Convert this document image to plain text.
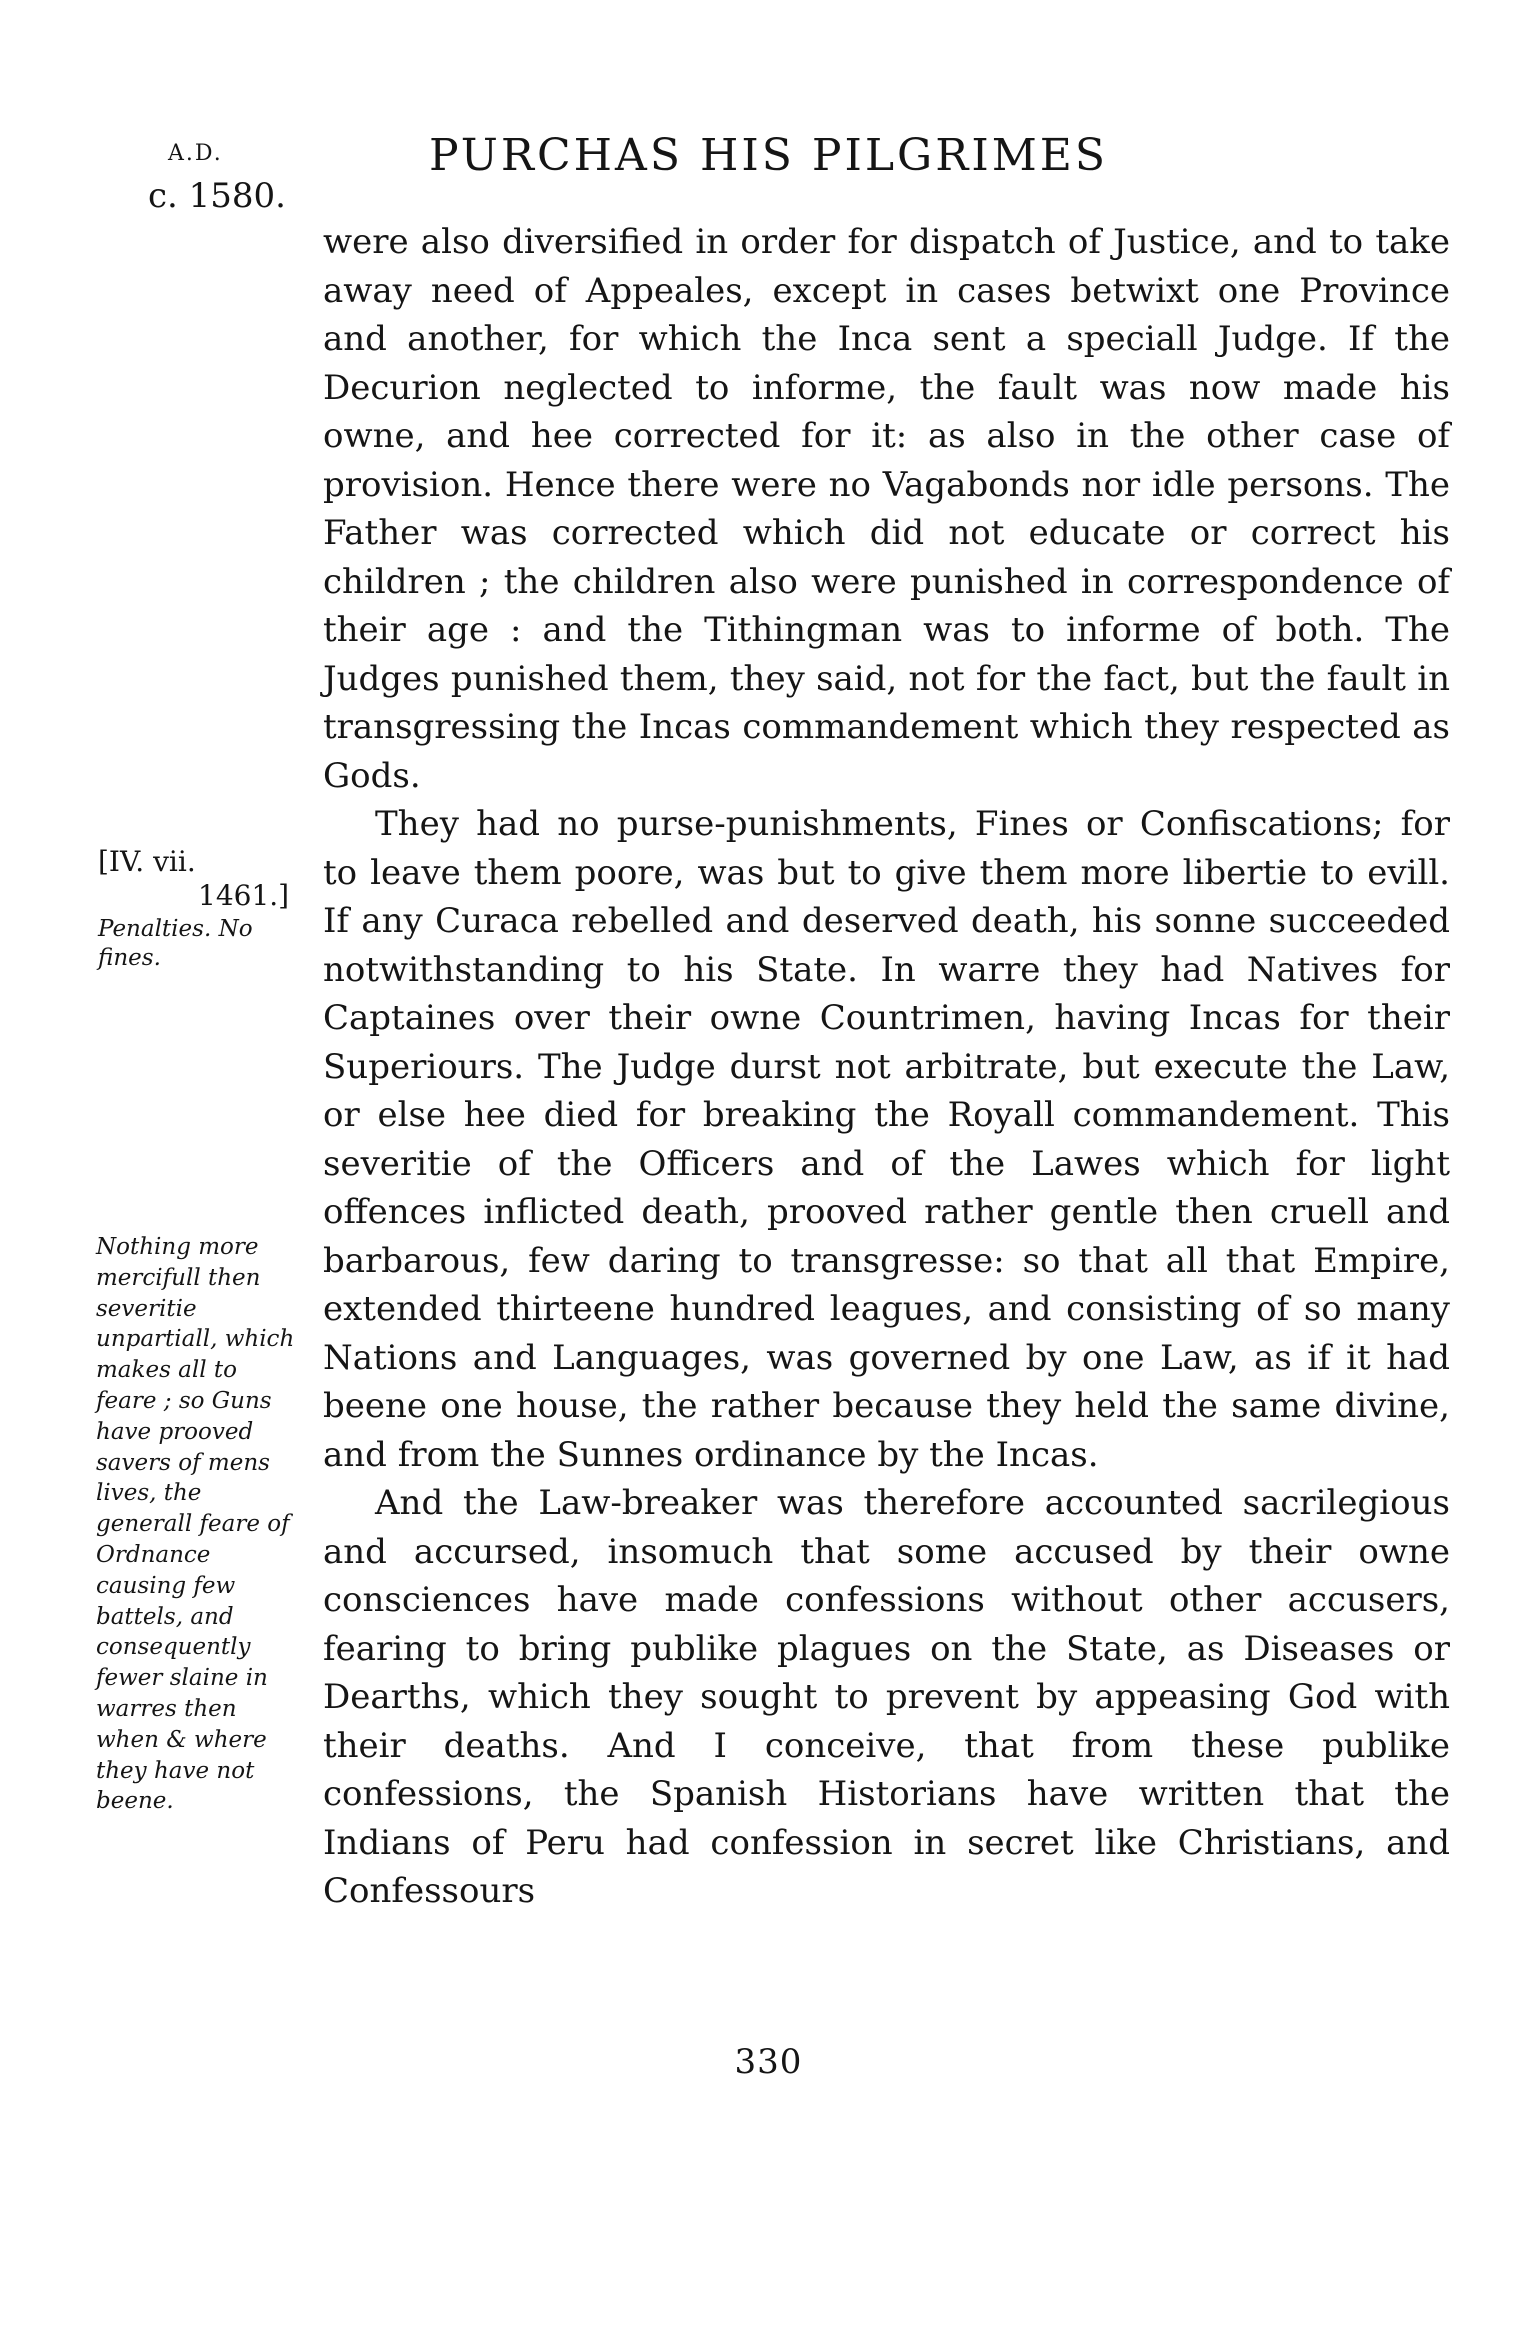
A.D.
c. 1580.
PURCHAS HIS PILGRIMES
[IV. vii.
1461.]
Penalties. No fines.
Nothing more mercifull then severitie unpartiall, which makes all to feare ; so Guns have prooved savers of mens lives, the generall feare of Ordnance causing few battels, and consequently fewer slaine in warres then when & where they have not beene.

were also diversified in order for dispatch of Justice, and to take away need of Appeales, except in cases betwixt one Province and another, for which the Inca sent a speciall Judge. If the Decurion neglected to informe, the fault was now made his owne, and hee corrected for it: as also in the other case of provision. Hence there were no Vagabonds nor idle persons. The Father was corrected which did not educate or correct his children ; the children also were punished in correspondence of their age : and the Tithingman was to informe of both. The Judges punished them, they said, not for the fact, but the fault in transgressing the Incas commandement which they respected as Gods.

They had no purse-punishments, Fines or Confiscations; for to leave them poore, was but to give them more libertie to evill. If any Curaca rebelled and deserved death, his sonne succeeded notwithstanding to his State. In warre they had Natives for Captaines over their owne Countrimen, having Incas for their Superiours. The Judge durst not arbitrate, but execute the Law, or else hee died for breaking the Royall commandement. This severitie of the Officers and of the Lawes which for light offences inflicted death, prooved rather gentle then cruell and barbarous, few daring to transgresse: so that all that Empire, extended thirteene hundred leagues, and consisting of so many Nations and Languages, was governed by one Law, as if it had beene one house, the rather because they held the same divine, and from the Sunnes ordinance by the Incas.

And the Law-breaker was therefore accounted sacrilegious and accursed, insomuch that some accused by their owne consciences have made confessions without other accusers, fearing to bring publike plagues on the State, as Diseases or Dearths, which they sought to prevent by appeasing God with their deaths. And I conceive, that from these publike confessions, the Spanish Historians have written that the Indians of Peru had confession in secret like Christians, and Confessours

330
